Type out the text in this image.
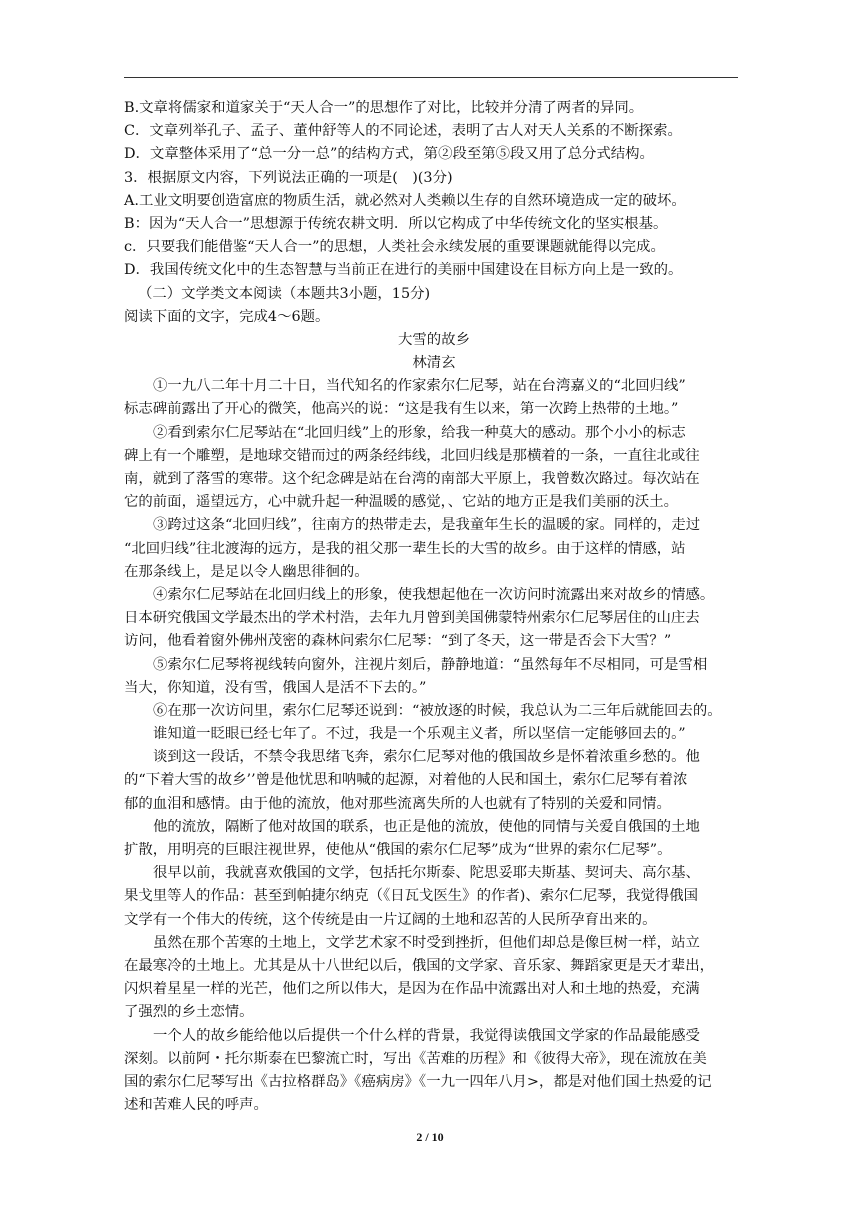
B.文章将儒家和道家关于“天人合一”的思想作了对比，比较并分清了两者的异同。
C．文章列举孔子、孟子、董仲舒等人的不同论述，表明了古人对天人关系的不断探索。
D．文章整体采用了“总一分一总”的结构方式，第②段至第⑤段又用了总分式结构。
3．根据原文内容，下列说法正确的一项是(　)(3分)
A.工业文明要创造富庶的物质生活，就必然对人类赖以生存的自然环境造成一定的破坏。
B：因为“天人合一”思想源于传统农耕文明．所以它构成了中华传统文化的坚实根基。
c．只要我们能借鉴“天人合一”的思想，人类社会永续发展的重要课题就能得以完成。
D．我国传统文化中的生态智慧与当前正在进行的美丽中国建设在目标方向上是一致的。
（二）文学类文本阅读（本题共3小题，15分)
阅读下面的文字，完成4～6题。
大雪的故乡
林清玄
①一九八二年十月二十日，当代知名的作家索尔仁尼琴，站在台湾嘉义的“北回归线”
标志碑前露出了开心的微笑，他高兴的说：“这是我有生以来，第一次跨上热带的土地。”
②看到索尔仁尼琴站在“北回归线”上的形象，给我一种莫大的感动。那个小小的标志
碑上有一个雕塑，是地球交错而过的两条经纬线，北回归线是那横着的一条，一直往北或往
南，就到了落雪的寒带。这个纪念碑是站在台湾的南部大平原上，我曾数次路过。每次站在
它的前面，遥望远方，心中就升起一种温暖的感觉，、它站的地方正是我们美丽的沃土。
③跨过这条“北回归线”，往南方的热带走去，是我童年生长的温暖的家。同样的，走过
“北回归线”往北渡海的远方，是我的祖父那一辈生长的大雪的故乡。由于这样的情感，站
在那条线上，是足以令人幽思徘徊的。
④索尔仁尼琴站在北回归线上的形象，使我想起他在一次访问时流露出来对故乡的情感。
日本研究俄国文学最杰出的学术村浩，去年九月曾到美国佛蒙特州索尔仁尼琴居住的山庄去
访问，他看着窗外佛州茂密的森林问索尔仁尼琴：“到了冬天，这一带是否会下大雪？”
⑤索尔仁尼琴将视线转向窗外，注视片刻后，静静地道：“虽然每年不尽相同，可是雪相
当大，你知道，没有雪，俄国人是活不下去的。”
⑥在那一次访问里，索尔仁尼琴还说到：“被放逐的时候，我总认为二三年后就能回去的。
谁知道一眨眼已经七年了。不过，我是一个乐观主义者，所以坚信一定能够回去的。”
谈到这一段话，不禁令我思绪飞奔，索尔仁尼琴对他的俄国故乡是怀着浓重乡愁的。他
的“下着大雪的故乡’’曾是他忧思和呐喊的起源，对着他的人民和国土，索尔仁尼琴有着浓
郁的血泪和感情。由于他的流放，他对那些流离失所的人也就有了特别的关爱和同情。
他的流放，隔断了他对故国的联系，也正是他的流放，使他的同情与关爱自俄国的土地
扩散，用明亮的巨眼注视世界，使他从“俄国的索尔仁尼琴”成为“世界的索尔仁尼琴”。
很早以前，我就喜欢俄国的文学，包括托尔斯泰、陀思妥耶夫斯基、契诃夫、高尔基、
果戈里等人的作品：甚至到帕捷尔纳克（《日瓦戈医生》的作者)、索尔仁尼琴，我觉得俄国
文学有一个伟大的传统，这个传统是由一片辽阔的土地和忍苦的人民所孕育出来的。
虽然在那个苦寒的土地上，文学艺术家不时受到挫折，但他们却总是像巨树一样，站立
在最寒冷的土地上。尤其是从十八世纪以后，俄国的文学家、音乐家、舞蹈家更是天才辈出，
闪炽着星星一样的光芒，他们之所以伟大，是因为在作品中流露出对人和土地的热爱，充满
了强烈的乡土恋情。
一个人的故乡能给他以后提供一个什么样的背景，我觉得读俄国文学家的作品最能感受
深刻。以前阿・托尔斯泰在巴黎流亡时，写出《苦难的历程》和《彼得大帝》，现在流放在美
国的索尔仁尼琴写出《古拉格群岛》《癌病房》《一九一四年八月>，都是对他们国土热爱的记
述和苦难人民的呼声。
2 / 10
